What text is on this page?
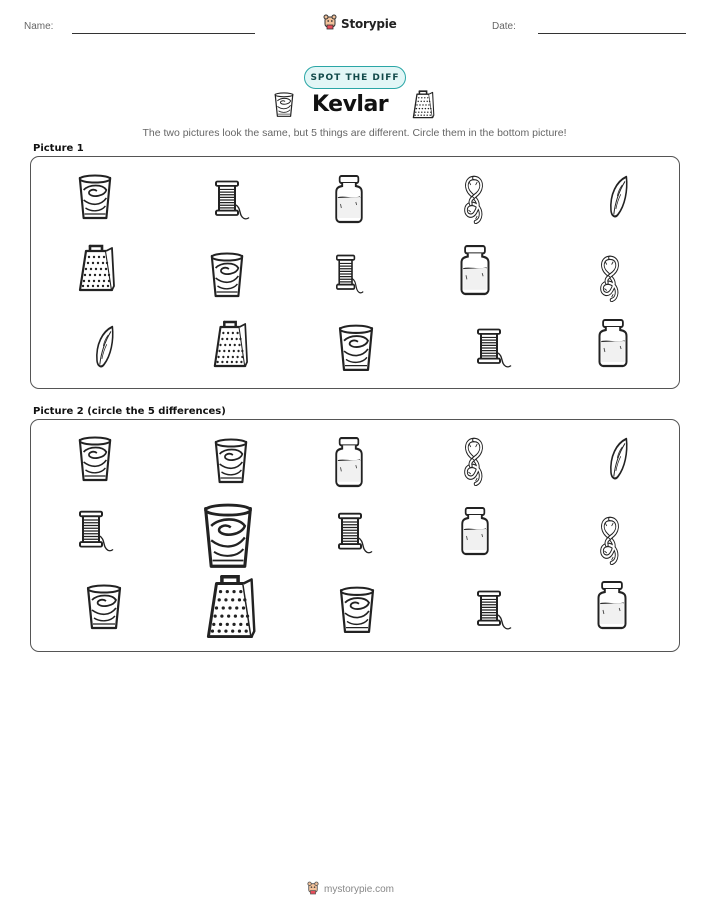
Name:	Storypie	Date:
SPOT THE DIFF
Kevlar
The two pictures look the same, but 5 things are different. Circle them in the bottom picture!
Picture 1
Picture 2 (circle the 5 differences)
mystorypie.com
